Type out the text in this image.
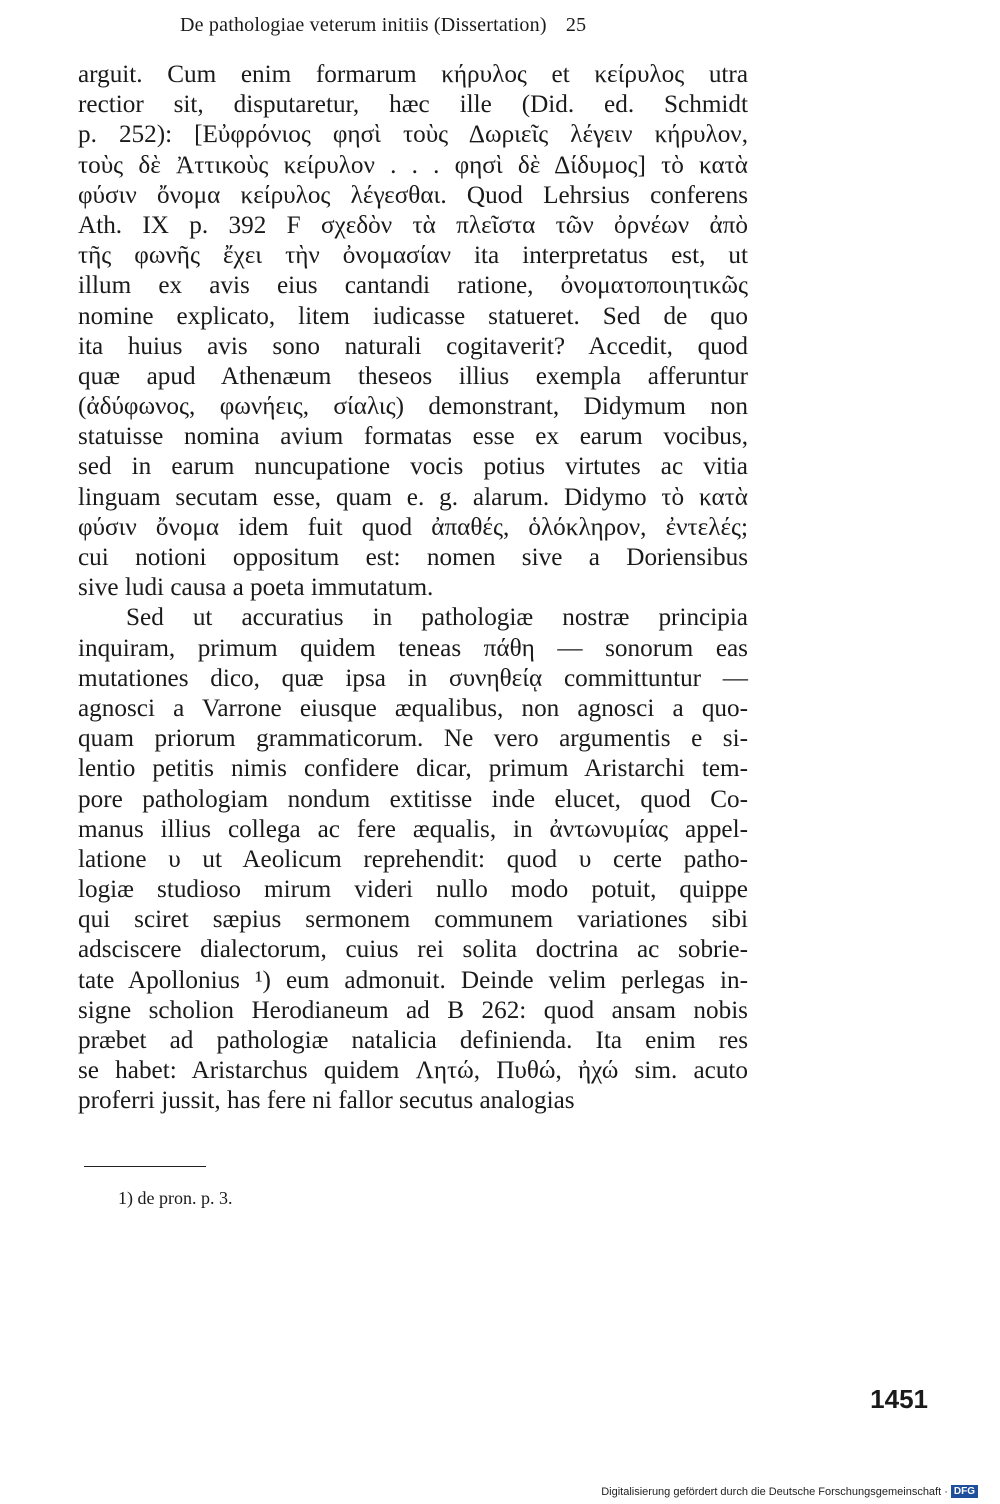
De pathologiae veterum initiis (Dissertation) 25
arguit. Cum enim formarum κήρυλος et κείρυλος utra
rectior sit, disputaretur, hæc ille (Did. ed. Schmidt
p. 252): [Εὐφρόνιος φησὶ τοὺς Δωριεῖς λέγειν κήρυλον,
τοὺς δὲ Ἀττικοὺς κείρυλον . . . φησὶ δὲ Δίδυμος] τὸ κατὰ
φύσιν ὄνομα κείρυλος λέγεσθαι. Quod Lehrsius conferens
Ath. IX p. 392 F σχεδὸν τὰ πλεῖστα τῶν ὀρνέων ἀπὸ
τῆς φωνῆς ἔχει τὴν ὀνομασίαν ita interpretatus est, ut
illum ex avis eius cantandi ratione, ὀνοματοποιητικῶς
nomine explicato, litem iudicasse statueret. Sed de quo
ita huius avis sono naturali cogitaverit? Accedit, quod
quæ apud Athenæum theseos illius exempla afferuntur
(ἀδύφωνος, φωνήεις, σίαλις) demonstrant, Didymum non
statuisse nomina avium formatas esse ex earum vocibus,
sed in earum nuncupatione vocis potius virtutes ac vitia
linguam secutam esse, quam e. g. alarum. Didymo τὸ κατὰ
φύσιν ὄνομα idem fuit quod ἀπαθές, ὁλόκληρον, ἐντελές;
cui notioni oppositum est: nomen sive a Doriensibus
sive ludi causa a poeta immutatum.
Sed ut accuratius in pathologiæ nostræ principia
inquiram, primum quidem teneas πάθη — sonorum eas
mutationes dico, quæ ipsa in συνηθείᾳ committuntur —
agnosci a Varrone eiusque æqualibus, non agnosci a quo-
quam priorum grammaticorum. Ne vero argumentis e si-
lentio petitis nimis confidere dicar, primum Aristarchi tem-
pore pathologiam nondum extitisse inde elucet, quod Co-
manus illius collega ac fere æqualis, in ἀντωνυμίας appel-
latione υ ut Aeolicum reprehendit: quod υ certe patho-
logiæ studioso mirum videri nullo modo potuit, quippe
qui sciret sæpius sermonem communem variationes sibi
adsciscere dialectorum, cuius rei solita doctrina ac sobrie-
tate Apollonius ¹) eum admonuit. Deinde velim perlegas in-
signe scholion Herodianeum ad B 262: quod ansam nobis
præbet ad pathologiæ natalicia definienda. Ita enim res
se habet: Aristarchus quidem Λητώ, Πυθώ, ἠχώ sim. acuto
proferri jussit, has fere ni fallor secutus analogias
1) de pron. p. 3.
1451
Digitalisierung gefördert durch die Deutsche Forschungsgemeinschaft · DFG
